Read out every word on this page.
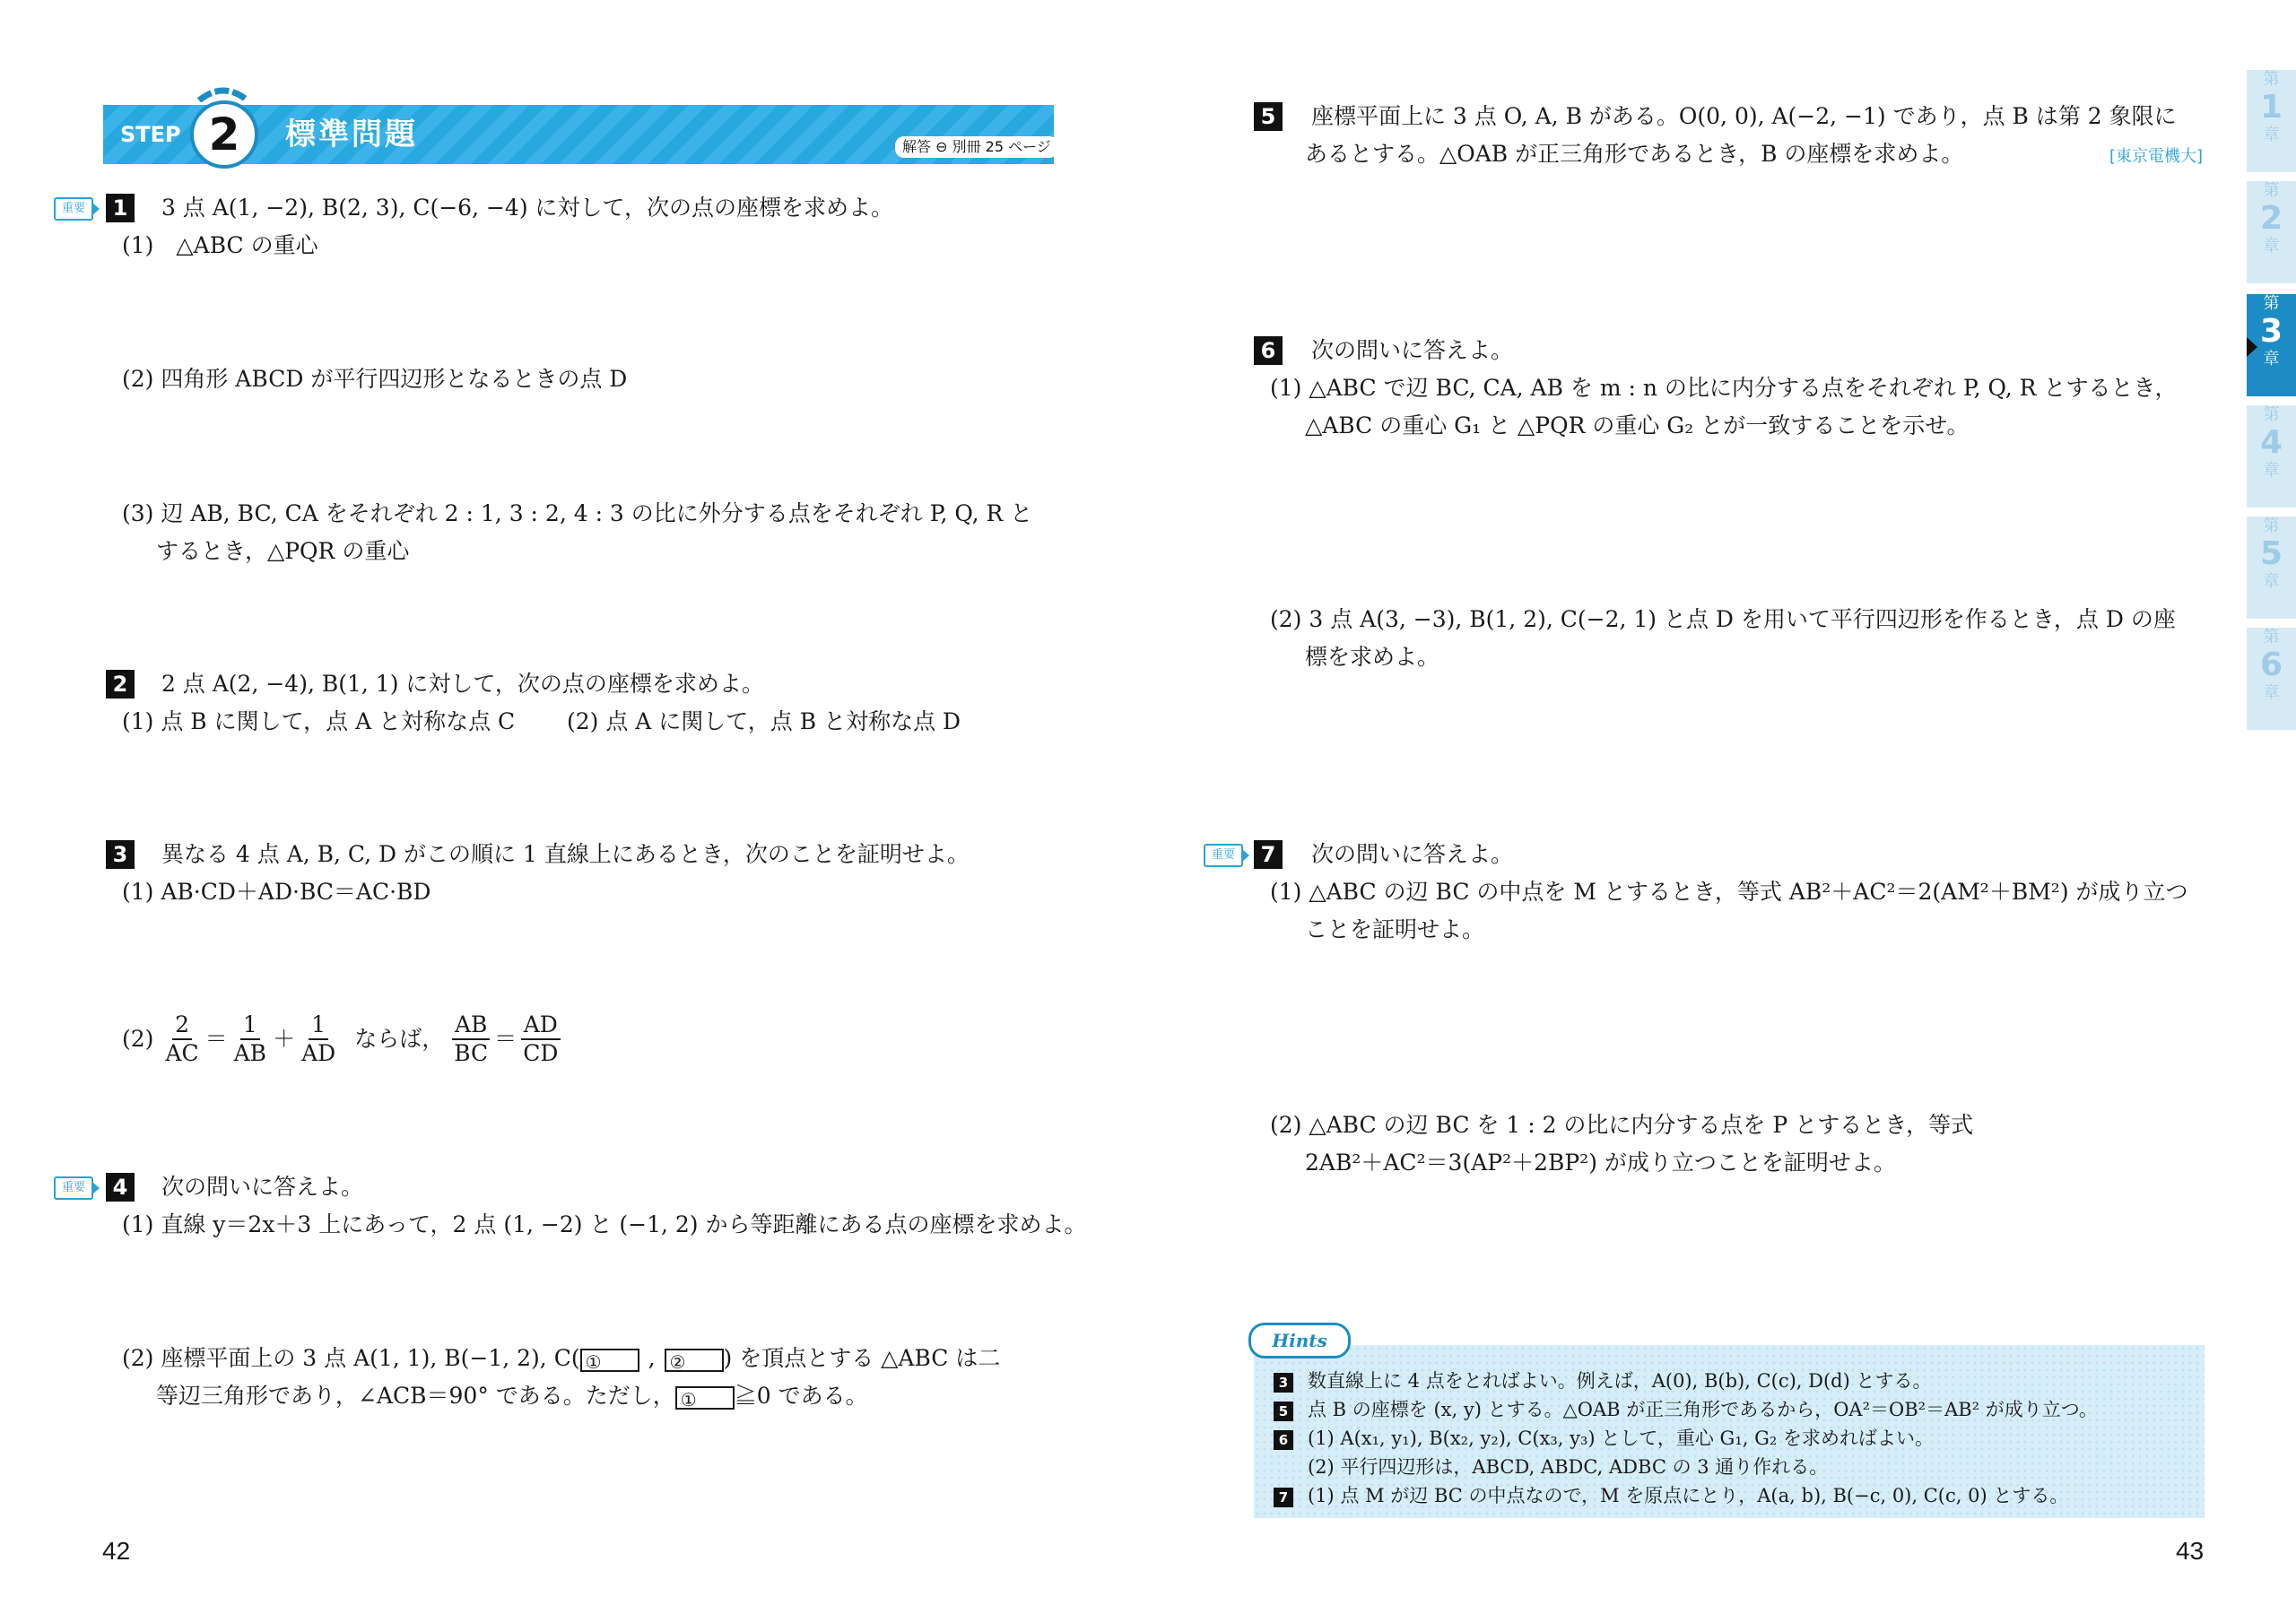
STEP 2	標準問題	解答 ⊖ 別冊 25 ページ
重要	1 3 点 A(1, −2), B(2, 3), C(−6, −4) に対して，次の点の座標を求めよ。
(1)　△ABC の重心
(2) 四角形 ABCD が平行四辺形となるときの点 D
(3) 辺 AB, BC, CA をそれぞれ 2 : 1, 3 : 2, 4 : 3 の比に外分する点をそれぞれ P, Q, R と
するとき，△PQR の重心
2 2 点 A(2, −4), B(1, 1) に対して，次の点の座標を求めよ。
(1) 点 B に関して，点 A と対称な点 C (2) 点 A に関して，点 B と対称な点 D
3 異なる 4 点 A, B, C, D がこの順に 1 直線上にあるとき，次のことを証明せよ。
(1) AB·CD＋AD·BC＝AC·BD
$(2) \frac{2}{AC} = \frac{1}{AB} + \frac{1}{AD}$ ならば， $\frac{AB}{BC} = \frac{AD}{CD}$
重要	4 次の問いに答えよ。
(1) 直線 y＝2x＋3 上にあって，2 点 (1, −2) と (−1, 2) から等距離にある点の座標を求めよ。
(2) 座標平面上の 3 点 A(1, 1), B(−1, 2), C( ① , ② ) を頂点とする △ABC は二
等辺三角形であり，∠ACB＝90° である。ただし， ① ≧0 である。
42
5 座標平面上に 3 点 O, A, B がある。O(0, 0), A(−2, −1) であり，点 B は第 2 象限に
あるとする。△OAB が正三角形であるとき，B の座標を求めよ。	[東京電機大]
6 次の問いに答えよ。
(1) △ABC で辺 BC, CA, AB を m : n の比に内分する点をそれぞれ P, Q, R とするとき，
△ABC の重心 G₁ と △PQR の重心 G₂ とが一致することを示せ。
(2) 3 点 A(3, −3), B(1, 2), C(−2, 1) と点 D を用いて平行四辺形を作るとき，点 D の座
標を求めよ。
重要	7 次の問いに答えよ。
(1) △ABC の辺 BC の中点を M とするとき，等式 AB²＋AC²＝2(AM²＋BM²) が成り立つ
ことを証明せよ。
(2) △ABC の辺 BC を 1 : 2 の比に内分する点を P とするとき，等式
2AB²＋AC²＝3(AP²＋2BP²) が成り立つことを証明せよ。
Hints
3 数直線上に 4 点をとればよい。例えば，A(0), B(b), C(c), D(d) とする。
5 点 B の座標を (x, y) とする。△OAB が正三角形であるから，OA²＝OB²＝AB² が成り立つ。
6 (1) A(x₁, y₁), B(x₂, y₂), C(x₃, y₃) として，重心 G₁, G₂ を求めればよい。
(2) 平行四辺形は，ABCD, ABDC, ADBC の 3 通り作れる。
7 (1) 点 M が辺 BC の中点なので，M を原点にとり，A(a, b), B(−c, 0), C(c, 0) とする。
43
第
1
章
第
2
章
第
3
章
第
4
章
第
5
章
第
6
章
